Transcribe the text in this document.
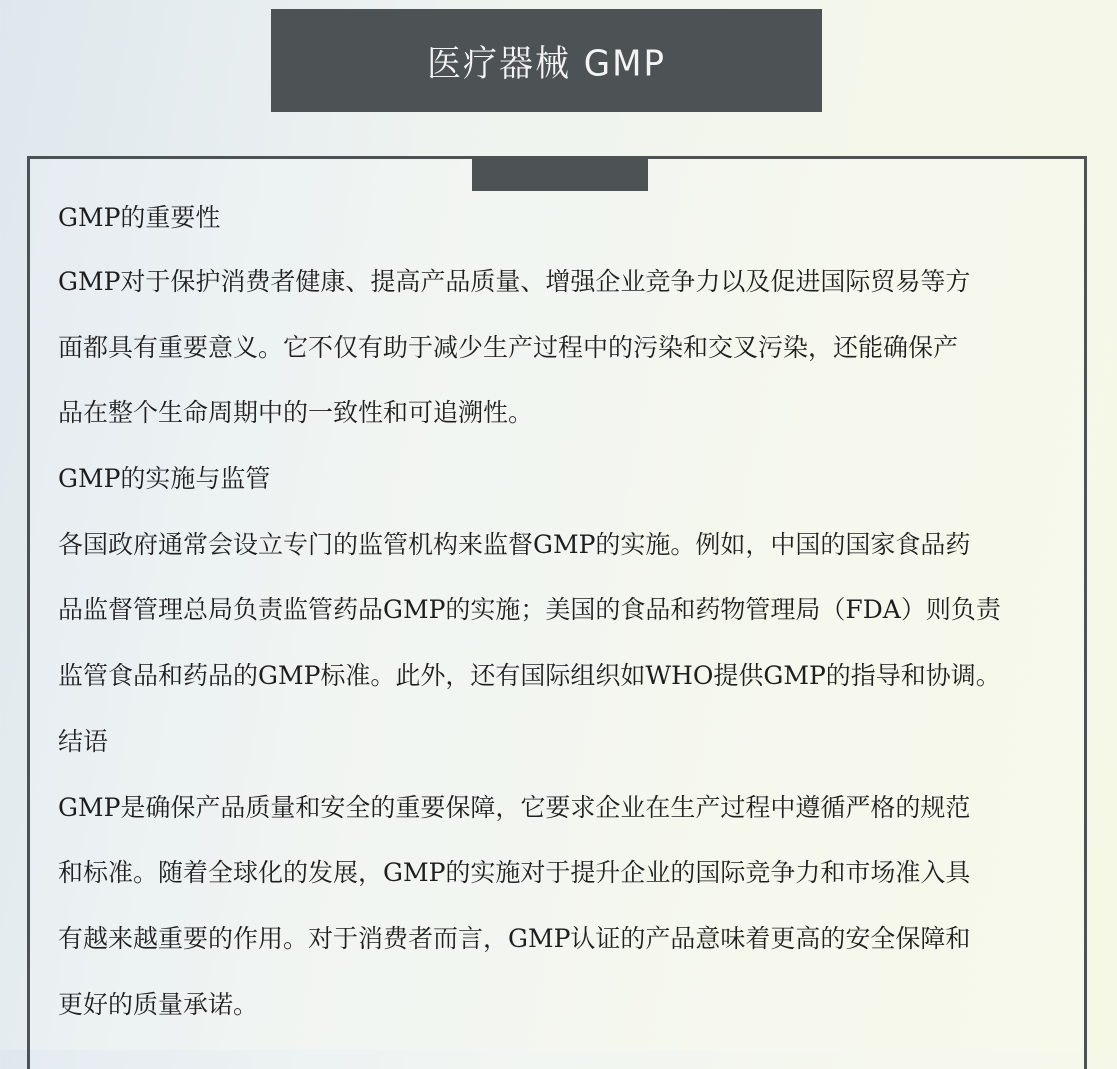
医疗器械 GMP
GMP的重要性
GMP对于保护消费者健康、提高产品质量、增强企业竞争力以及促进国际贸易等方
面都具有重要意义。它不仅有助于减少生产过程中的污染和交叉污染，还能确保产
品在整个生命周期中的一致性和可追溯性。
GMP的实施与监管
各国政府通常会设立专门的监管机构来监督GMP的实施。例如，中国的国家食品药
品监督管理总局负责监管药品GMP的实施；美国的食品和药物管理局（FDA）则负责
监管食品和药品的GMP标准。此外，还有国际组织如WHO提供GMP的指导和协调。
结语
GMP是确保产品质量和安全的重要保障，它要求企业在生产过程中遵循严格的规范
和标准。随着全球化的发展，GMP的实施对于提升企业的国际竞争力和市场准入具
有越来越重要的作用。对于消费者而言，GMP认证的产品意味着更高的安全保障和
更好的质量承诺。
